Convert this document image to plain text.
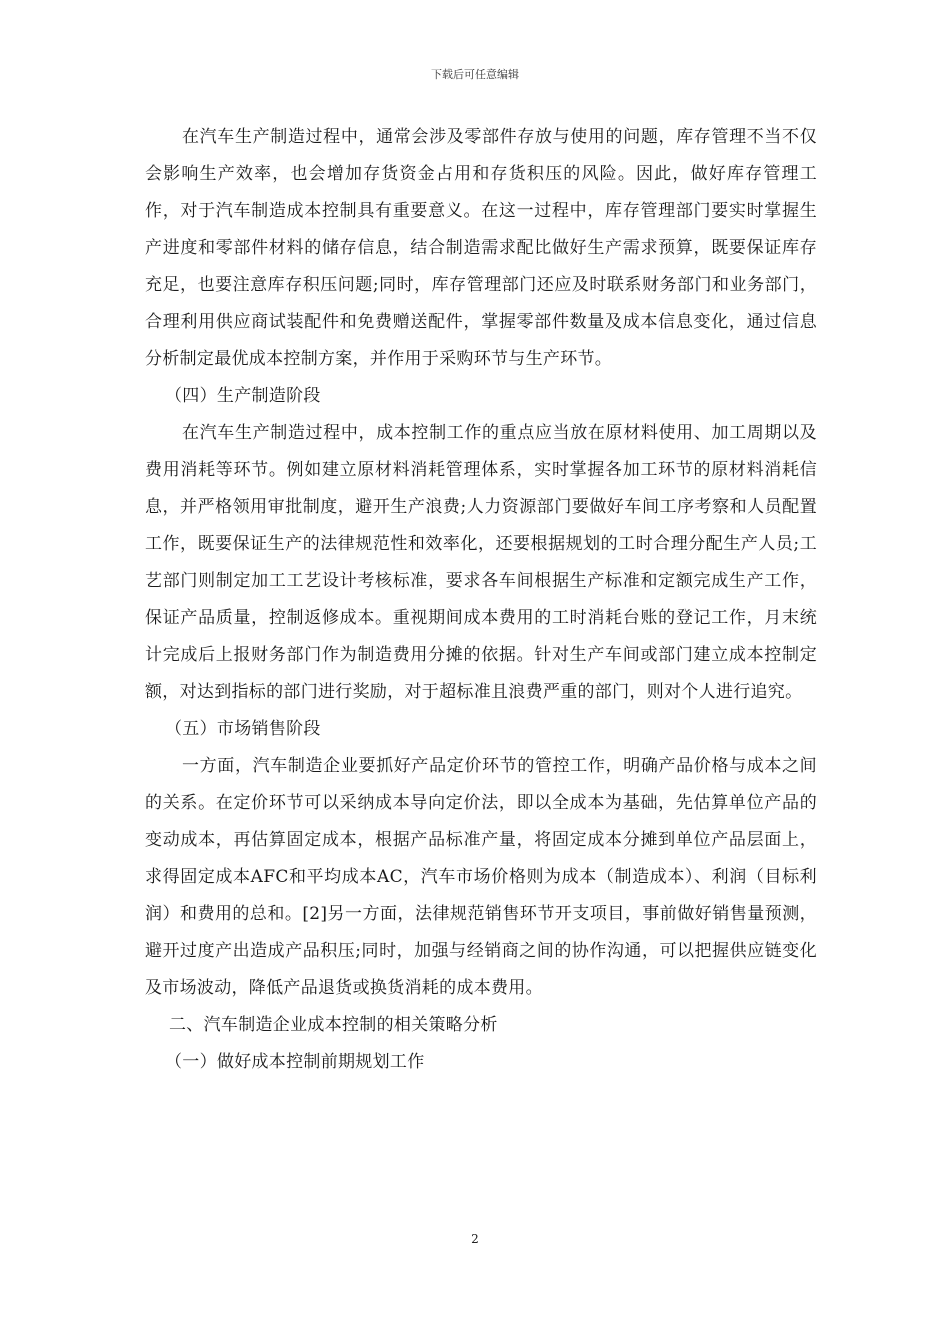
下载后可任意编辑

在汽车生产制造过程中，通常会涉及零部件存放与使用的问题，库存管理不当不仅会影响生产效率，也会增加存货资金占用和存货积压的风险。因此，做好库存管理工作，对于汽车制造成本控制具有重要意义。在这一过程中，库存管理部门要实时掌握生产进度和零部件材料的储存信息，结合制造需求配比做好生产需求预算，既要保证库存充足，也要注意库存积压问题;同时，库存管理部门还应及时联系财务部门和业务部门，合理利用供应商试装配件和免费赠送配件，掌握零部件数量及成本信息变化，通过信息分析制定最优成本控制方案，并作用于采购环节与生产环节。

（四）生产制造阶段

在汽车生产制造过程中，成本控制工作的重点应当放在原材料使用、加工周期以及费用消耗等环节。例如建立原材料消耗管理体系，实时掌握各加工环节的原材料消耗信息，并严格领用审批制度，避开生产浪费;人力资源部门要做好车间工序考察和人员配置工作，既要保证生产的法律规范性和效率化，还要根据规划的工时合理分配生产人员;工艺部门则制定加工工艺设计考核标准，要求各车间根据生产标准和定额完成生产工作，保证产品质量，控制返修成本。重视期间成本费用的工时消耗台账的登记工作，月末统计完成后上报财务部门作为制造费用分摊的依据。针对生产车间或部门建立成本控制定额，对达到指标的部门进行奖励，对于超标准且浪费严重的部门，则对个人进行追究。

（五）市场销售阶段

一方面，汽车制造企业要抓好产品定价环节的管控工作，明确产品价格与成本之间的关系。在定价环节可以采纳成本导向定价法，即以全成本为基础，先估算单位产品的变动成本，再估算固定成本，根据产品标准产量，将固定成本分摊到单位产品层面上，求得固定成本AFC和平均成本AC，汽车市场价格则为成本（制造成本）、利润（目标利润）和费用的总和。[2]另一方面，法律规范销售环节开支项目，事前做好销售量预测，避开过度产出造成产品积压;同时，加强与经销商之间的协作沟通，可以把握供应链变化及市场波动，降低产品退货或换货消耗的成本费用。

二、汽车制造企业成本控制的相关策略分析

（一）做好成本控制前期规划工作

2
